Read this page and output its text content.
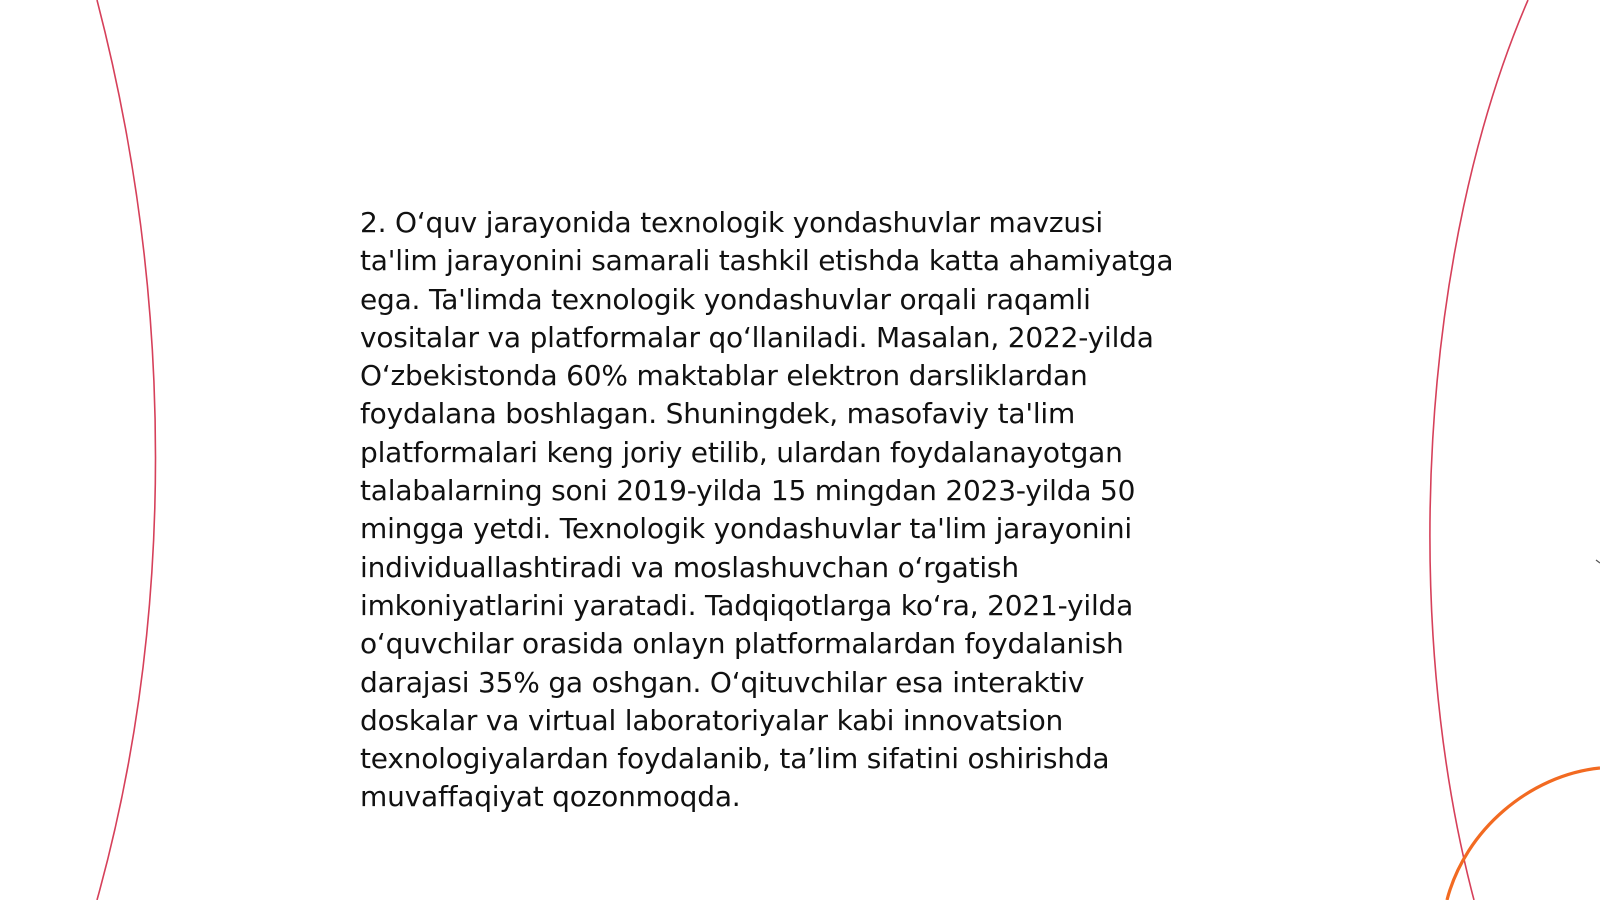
2. O‘quv jarayonida texnologik yondashuvlar mavzusi
ta'lim jarayonini samarali tashkil etishda katta ahamiyatga
ega. Ta'limda texnologik yondashuvlar orqali raqamli
vositalar va platformalar qo‘llaniladi. Masalan, 2022-yilda
O‘zbekistonda 60% maktablar elektron darsliklardan
foydalana boshlagan. Shuningdek, masofaviy ta'lim
platformalari keng joriy etilib, ulardan foydalanayotgan
talabalarning soni 2019-yilda 15 mingdan 2023-yilda 50
mingga yetdi. Texnologik yondashuvlar ta'lim jarayonini
individuallashtiradi va moslashuvchan o‘rgatish
imkoniyatlarini yaratadi. Tadqiqotlarga ko‘ra, 2021-yilda
o‘quvchilar orasida onlayn platformalardan foydalanish
darajasi 35% ga oshgan. O‘qituvchilar esa interaktiv
doskalar va virtual laboratoriyalar kabi innovatsion
texnologiyalardan foydalanib, ta’lim sifatini oshirishda
muvaffaqiyat qozonmoqda.
